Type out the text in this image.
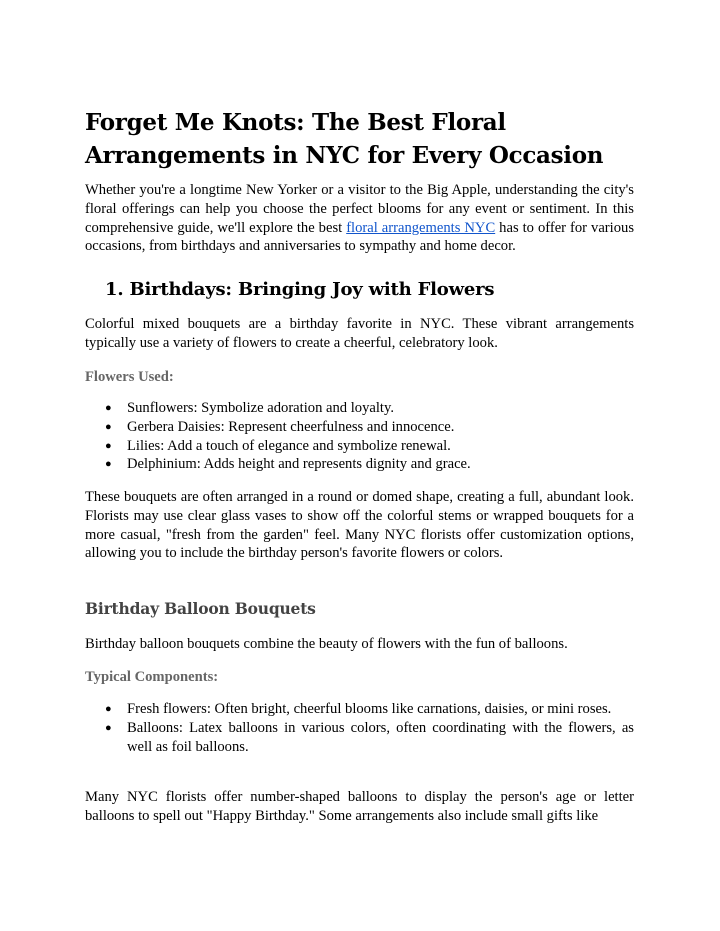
Forget Me Knots: The Best Floral Arrangements in NYC for Every Occasion

Whether you're a longtime New Yorker or a visitor to the Big Apple, understanding the city's floral offerings can help you choose the perfect blooms for any event or sentiment. In this comprehensive guide, we'll explore the best floral arrangements NYC has to offer for various occasions, from birthdays and anniversaries to sympathy and home decor.

1. Birthdays: Bringing Joy with Flowers

Colorful mixed bouquets are a birthday favorite in NYC. These vibrant arrangements typically use a variety of flowers to create a cheerful, celebratory look.

Flowers Used:

● Sunflowers: Symbolize adoration and loyalty.
● Gerbera Daisies: Represent cheerfulness and innocence.
● Lilies: Add a touch of elegance and symbolize renewal.
● Delphinium: Adds height and represents dignity and grace.

These bouquets are often arranged in a round or domed shape, creating a full, abundant look. Florists may use clear glass vases to show off the colorful stems or wrapped bouquets for a more casual, "fresh from the garden" feel. Many NYC florists offer customization options, allowing you to include the birthday person's favorite flowers or colors.

Birthday Balloon Bouquets

Birthday balloon bouquets combine the beauty of flowers with the fun of balloons.

Typical Components:

● Fresh flowers: Often bright, cheerful blooms like carnations, daisies, or mini roses.
● Balloons: Latex balloons in various colors, often coordinating with the flowers, as well as foil balloons.

Many NYC florists offer number-shaped balloons to display the person's age or letter balloons to spell out "Happy Birthday." Some arrangements also include small gifts like
